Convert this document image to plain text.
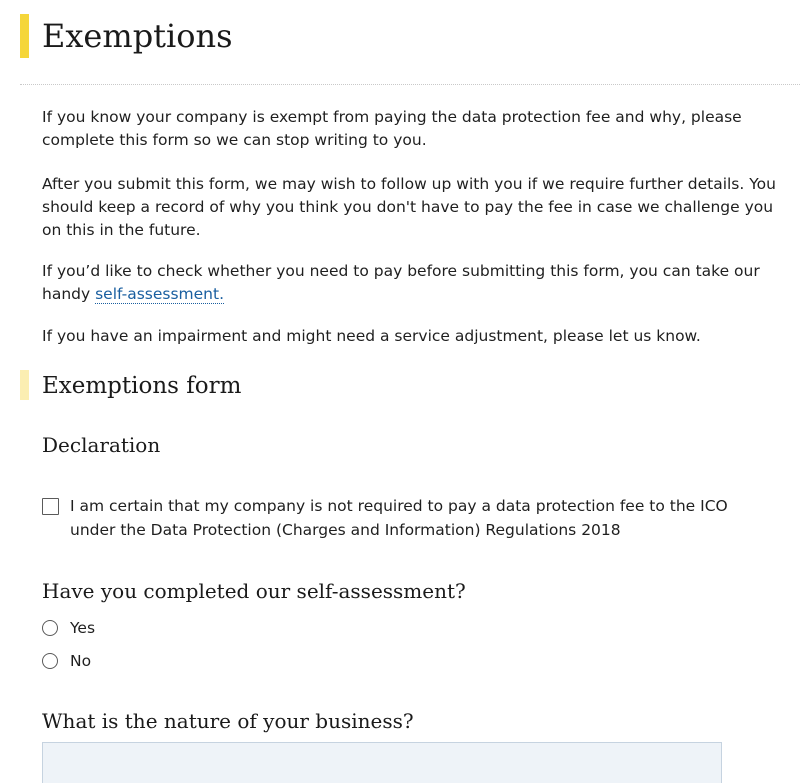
Exemptions

If you know your company is exempt from paying the data protection fee and why, please complete this form so we can stop writing to you.

After you submit this form, we may wish to follow up with you if we require further details. You should keep a record of why you think you don't have to pay the fee in case we challenge you on this in the future.

If you’d like to check whether you need to pay before submitting this form, you can take our handy self-assessment.

If you have an impairment and might need a service adjustment, please let us know.

Exemptions form
Declaration
I am certain that my company is not required to pay a data protection fee to the ICO under the Data Protection (Charges and Information) Regulations 2018
Have you completed our self-assessment?
Yes
No
What is the nature of your business?
